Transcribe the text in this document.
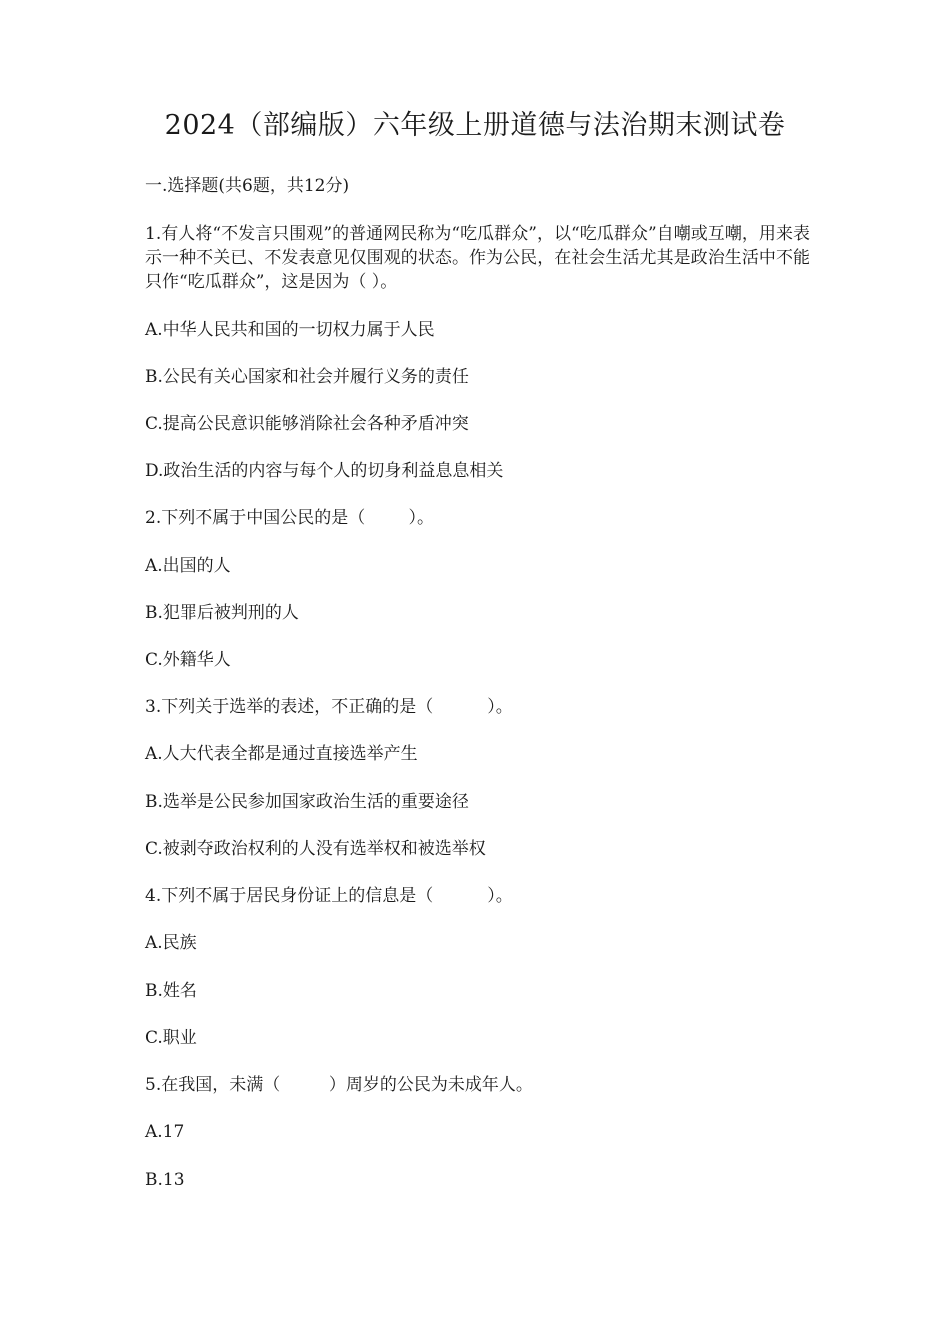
2024（部编版）六年级上册道德与法治期末测试卷
一.选择题(共6题，共12分)
1.有人将“不发言只围观”的普通网民称为“吃瓜群众”，以“吃瓜群众”自嘲或互嘲，用来表示一种不关已、不发表意见仅围观的状态。作为公民，在社会生活尤其是政治生活中不能只作“吃瓜群众”，这是因为（ ）。
A.中华人民共和国的一切权力属于人民
B.公民有关心国家和社会并履行义务的责任
C.提高公民意识能够消除社会各种矛盾冲突
D.政治生活的内容与每个人的切身利益息息相关
2.下列不属于中国公民的是（        ）。
A.出国的人
B.犯罪后被判刑的人
C.外籍华人
3.下列关于选举的表述，不正确的是（          ）。
A.人大代表全都是通过直接选举产生
B.选举是公民参加国家政治生活的重要途径
C.被剥夺政治权利的人没有选举权和被选举权
4.下列不属于居民身份证上的信息是（          ）。
A.民族
B.姓名
C.职业
5.在我国，未满（         ）周岁的公民为未成年人。
A.17
B.13
